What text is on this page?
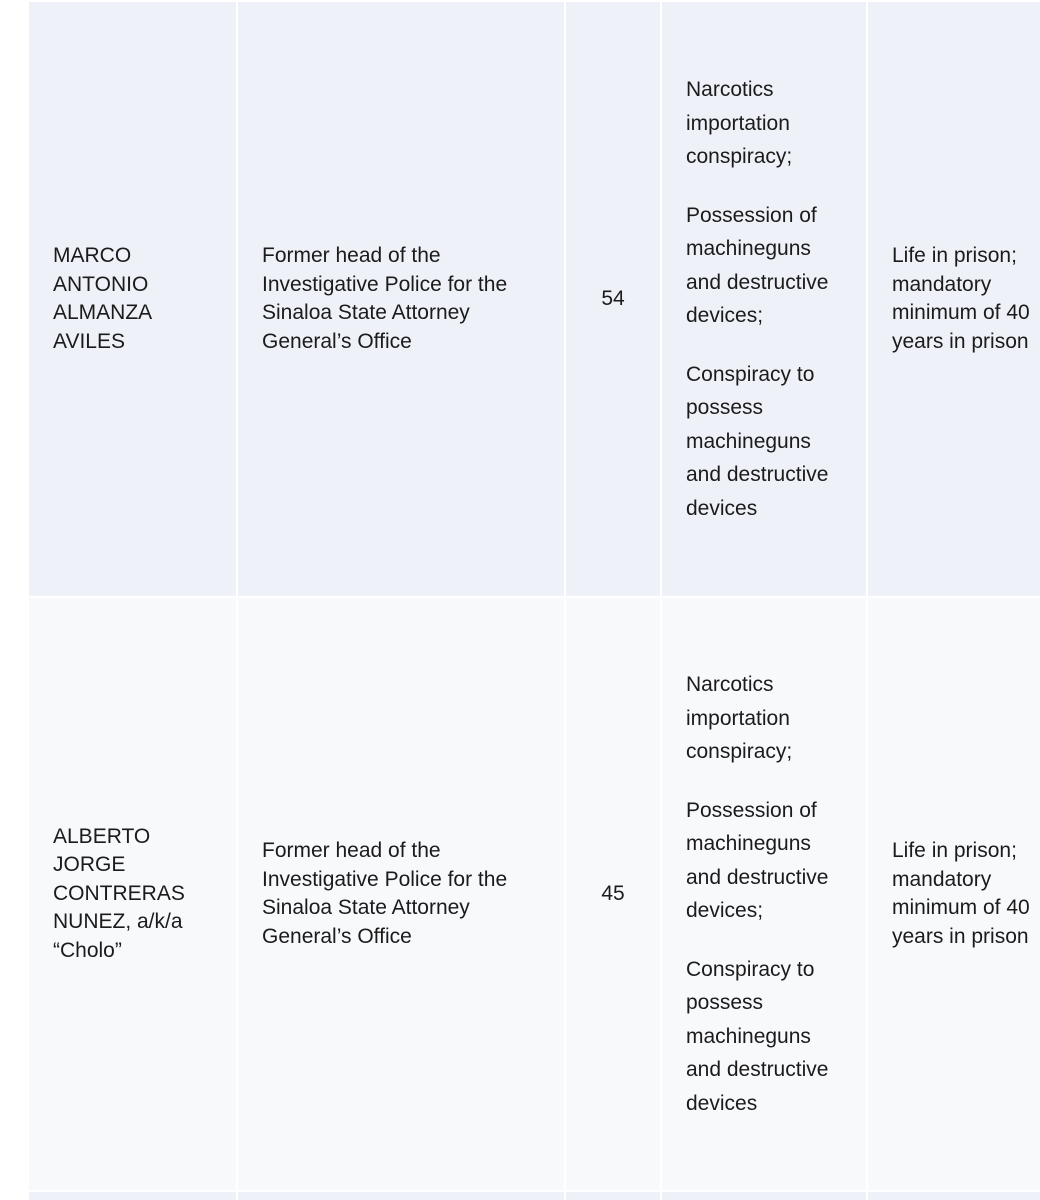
MARCO ANTONIO ALMANZA AVILES	Former head of the Investigative Police for the Sinaloa State Attorney General’s Office	54	Narcotics importation conspiracy;

Possession of machineguns and destructive devices;

Conspiracy to possess machineguns and destructive devices	Life in prison; mandatory minimum of 40 years in prison
ALBERTO JORGE CONTRERAS NUNEZ, a/k/a “Cholo”	Former head of the Investigative Police for the Sinaloa State Attorney General’s Office	45	Narcotics importation conspiracy;

Possession of machineguns and destructive devices;

Conspiracy to possess machineguns and destructive devices	Life in prison; mandatory minimum of 40 years in prison
